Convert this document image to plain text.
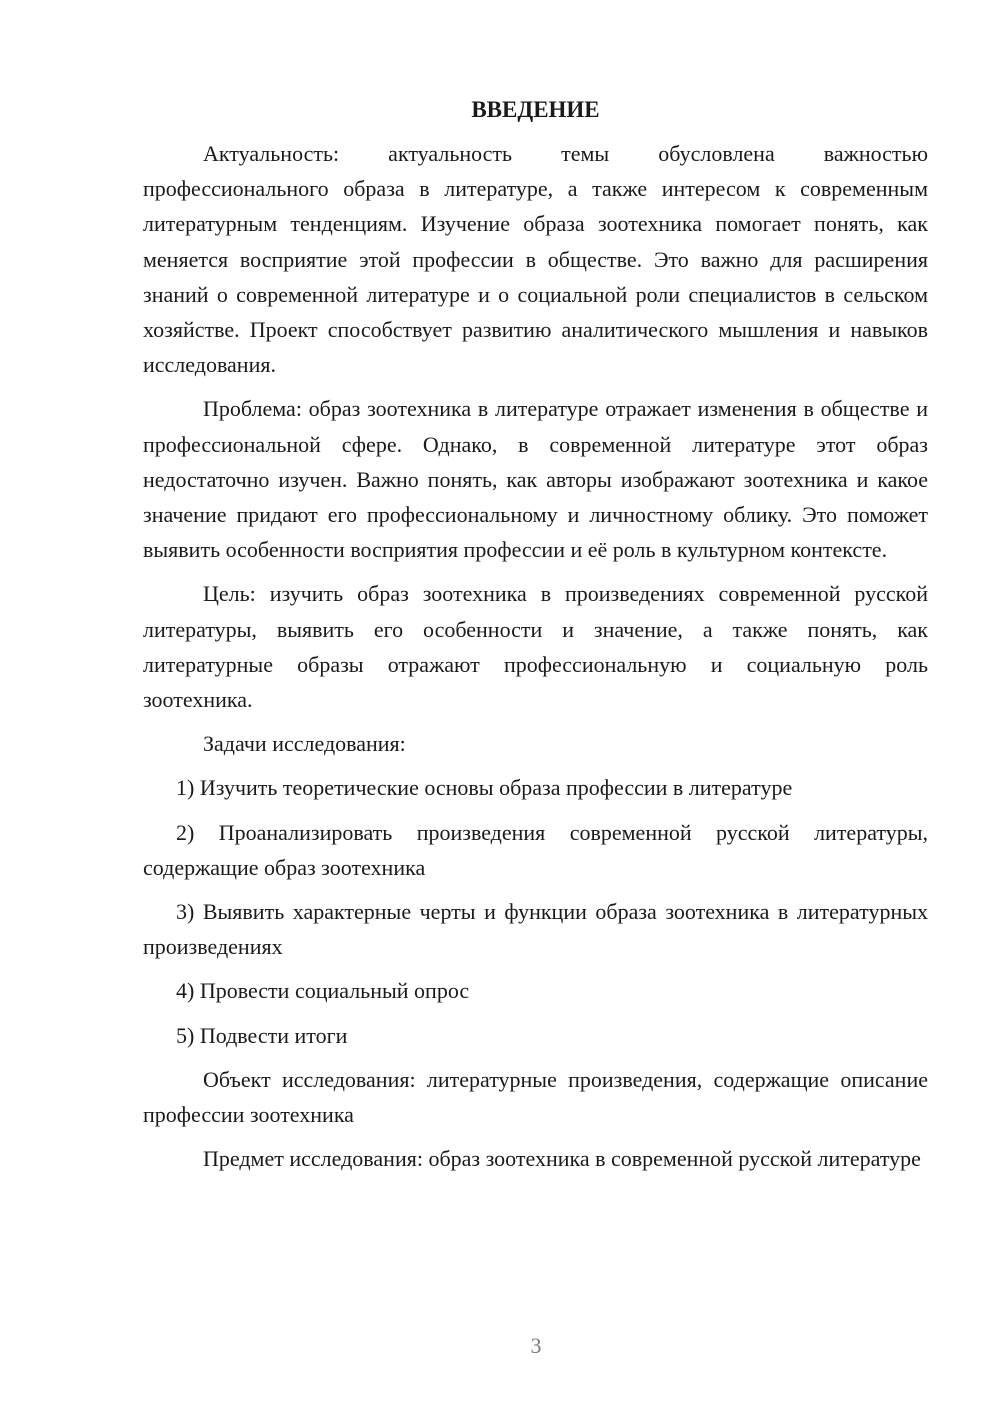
ВВЕДЕНИЕ

Актуальность: актуальность темы обусловлена важностью профессионального образа в литературе, а также интересом к современным литературным тенденциям. Изучение образа зоотехника помогает понять, как меняется восприятие этой профессии в обществе. Это важно для расширения знаний о современной литературе и о социальной роли специалистов в сельском хозяйстве. Проект способствует развитию аналитического мышления и навыков исследования.

Проблема: образ зоотехника в литературе отражает изменения в обществе и профессиональной сфере. Однако, в современной литературе этот образ недостаточно изучен. Важно понять, как авторы изображают зоотехника и какое значение придают его профессиональному и личностному облику. Это поможет выявить особенности восприятия профессии и её роль в культурном контексте.

Цель: изучить образ зоотехника в произведениях современной русской литературы, выявить его особенности и значение, а также понять, как литературные образы отражают профессиональную и социальную роль зоотехника.

Задачи исследования:

1) Изучить теоретические основы образа профессии в литературе

2) Проанализировать произведения современной русской литературы, содержащие образ зоотехника

3) Выявить характерные черты и функции образа зоотехника в литературных произведениях

4) Провести социальный опрос

5) Подвести итоги

Объект исследования: литературные произведения, содержащие описание профессии зоотехника

Предмет исследования: образ зоотехника в современной русской литературе

3
